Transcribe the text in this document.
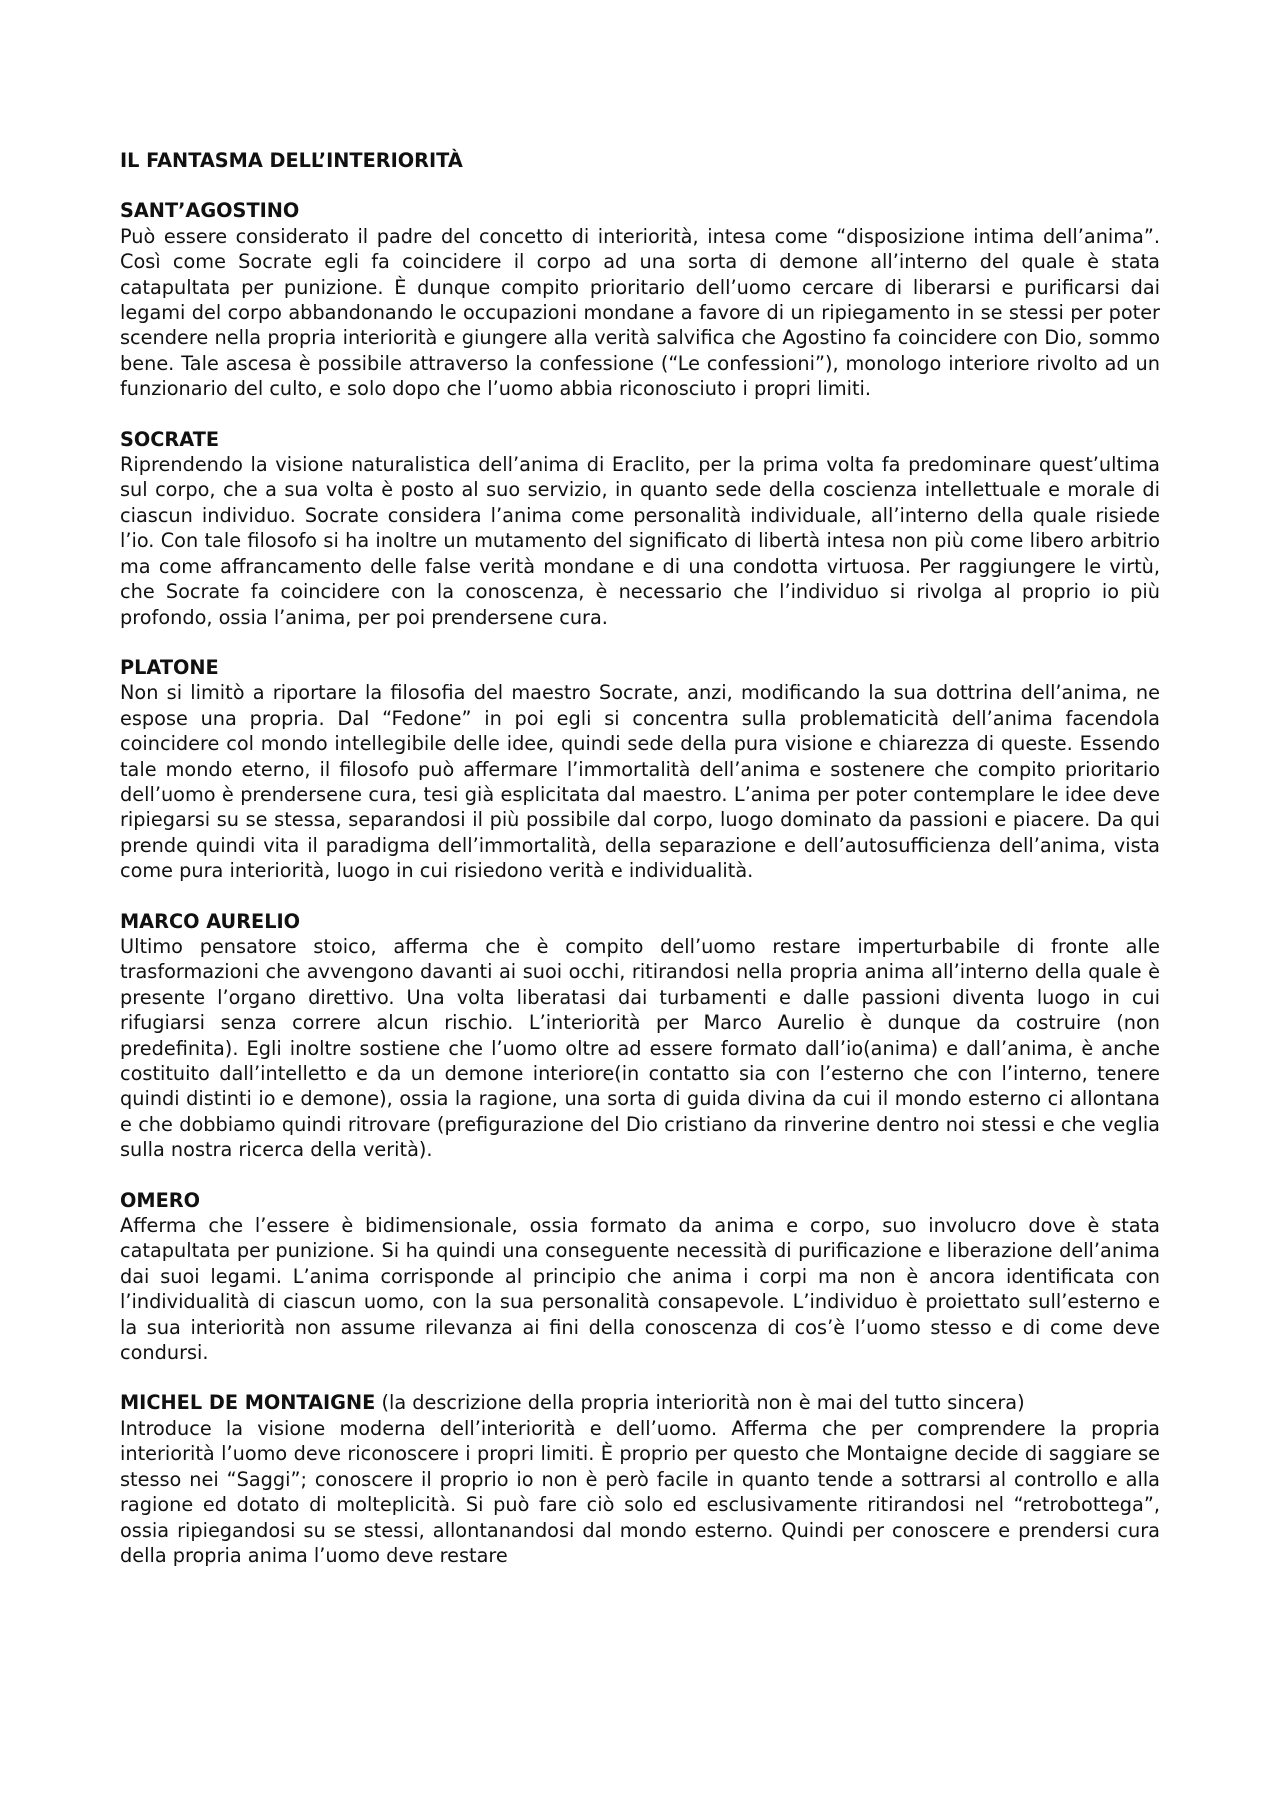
IL FANTASMA DELL’INTERIORITÀ
SANT’AGOSTINO
Può essere considerato il padre del concetto di interiorità, intesa come “disposizione intima dell’anima”. Così come Socrate egli fa coincidere il corpo ad una sorta di demone all’interno del quale è stata catapultata per punizione. È dunque compito prioritario dell’uomo cercare di liberarsi e purificarsi dai legami del corpo abbandonando le occupazioni mondane a favore di un ripiegamento in se stessi per poter scendere nella propria interiorità e giungere alla verità salvifica che Agostino fa coincidere con Dio, sommo bene. Tale ascesa è possibile attraverso la confessione (“Le confessioni”), monologo interiore rivolto ad un funzionario del culto, e solo dopo che l’uomo abbia riconosciuto i propri limiti.
SOCRATE
Riprendendo la visione naturalistica dell’anima di Eraclito, per la prima volta fa predominare quest’ultima sul corpo, che a sua volta è posto al suo servizio, in quanto sede della coscienza intellettuale e morale di ciascun individuo. Socrate considera l’anima come personalità individuale, all’interno della quale risiede l’io. Con tale filosofo si ha inoltre un mutamento del significato di libertà intesa non più come libero arbitrio ma come affrancamento delle false verità mondane e di una condotta virtuosa. Per raggiungere le virtù, che Socrate fa coincidere con la conoscenza, è necessario che l’individuo si rivolga al proprio io più profondo, ossia l’anima, per poi prendersene cura.
PLATONE
Non si limitò a riportare la filosofia del maestro Socrate, anzi, modificando la sua dottrina dell’anima, ne espose una propria. Dal “Fedone” in poi egli si concentra sulla problematicità dell’anima facendola coincidere col mondo intellegibile delle idee, quindi sede della pura visione e chiarezza di queste. Essendo tale mondo eterno, il filosofo può affermare l’immortalità dell’anima e sostenere che compito prioritario dell’uomo è prendersene cura, tesi già esplicitata dal maestro. L’anima per poter contemplare le idee deve ripiegarsi su se stessa, separandosi il più possibile dal corpo, luogo dominato da passioni e piacere. Da qui prende quindi vita il paradigma dell’immortalità, della separazione e dell’autosufficienza dell’anima, vista come pura interiorità, luogo in cui risiedono verità e individualità.
MARCO AURELIO
Ultimo pensatore stoico, afferma che è compito dell’uomo restare imperturbabile di fronte alle trasformazioni che avvengono davanti ai suoi occhi, ritirandosi nella propria anima all’interno della quale è presente l’organo direttivo. Una volta liberatasi dai turbamenti e dalle passioni diventa luogo in cui rifugiarsi senza correre alcun rischio. L’interiorità per Marco Aurelio è dunque da costruire (non predefinita). Egli inoltre sostiene che l’uomo oltre ad essere formato dall’io(anima) e dall’anima, è anche costituito dall’intelletto e da un demone interiore(in contatto sia con l’esterno che con l’interno, tenere quindi distinti io e demone), ossia la ragione, una sorta di guida divina da cui il mondo esterno ci allontana e che dobbiamo quindi ritrovare (prefigurazione del Dio cristiano da rinverine dentro noi stessi e che veglia sulla nostra ricerca della verità).
OMERO
Afferma che l’essere è bidimensionale, ossia formato da anima e corpo, suo involucro dove è stata catapultata per punizione. Si ha quindi una conseguente necessità di purificazione e liberazione dell’anima dai suoi legami. L’anima corrisponde al principio che anima i corpi ma non è ancora identificata con l’individualità di ciascun uomo, con la sua personalità consapevole. L’individuo è proiettato sull’esterno e la sua interiorità non assume rilevanza ai fini della conoscenza di cos’è l’uomo stesso e di come deve condursi.
MICHEL DE MONTAIGNE (la descrizione della propria interiorità non è mai del tutto sincera)
Introduce la visione moderna dell’interiorità e dell’uomo. Afferma che per comprendere la propria interiorità l’uomo deve riconoscere i propri limiti. È proprio per questo che Montaigne decide di saggiare se stesso nei “Saggi”; conoscere il proprio io non è però facile in quanto tende a sottrarsi al controllo e alla ragione ed dotato di molteplicità. Si può fare ciò solo ed esclusivamente ritirandosi nel “retrobottega”, ossia ripiegandosi su se stessi, allontanandosi dal mondo esterno. Quindi per conoscere e prendersi cura della propria anima l’uomo deve restare
